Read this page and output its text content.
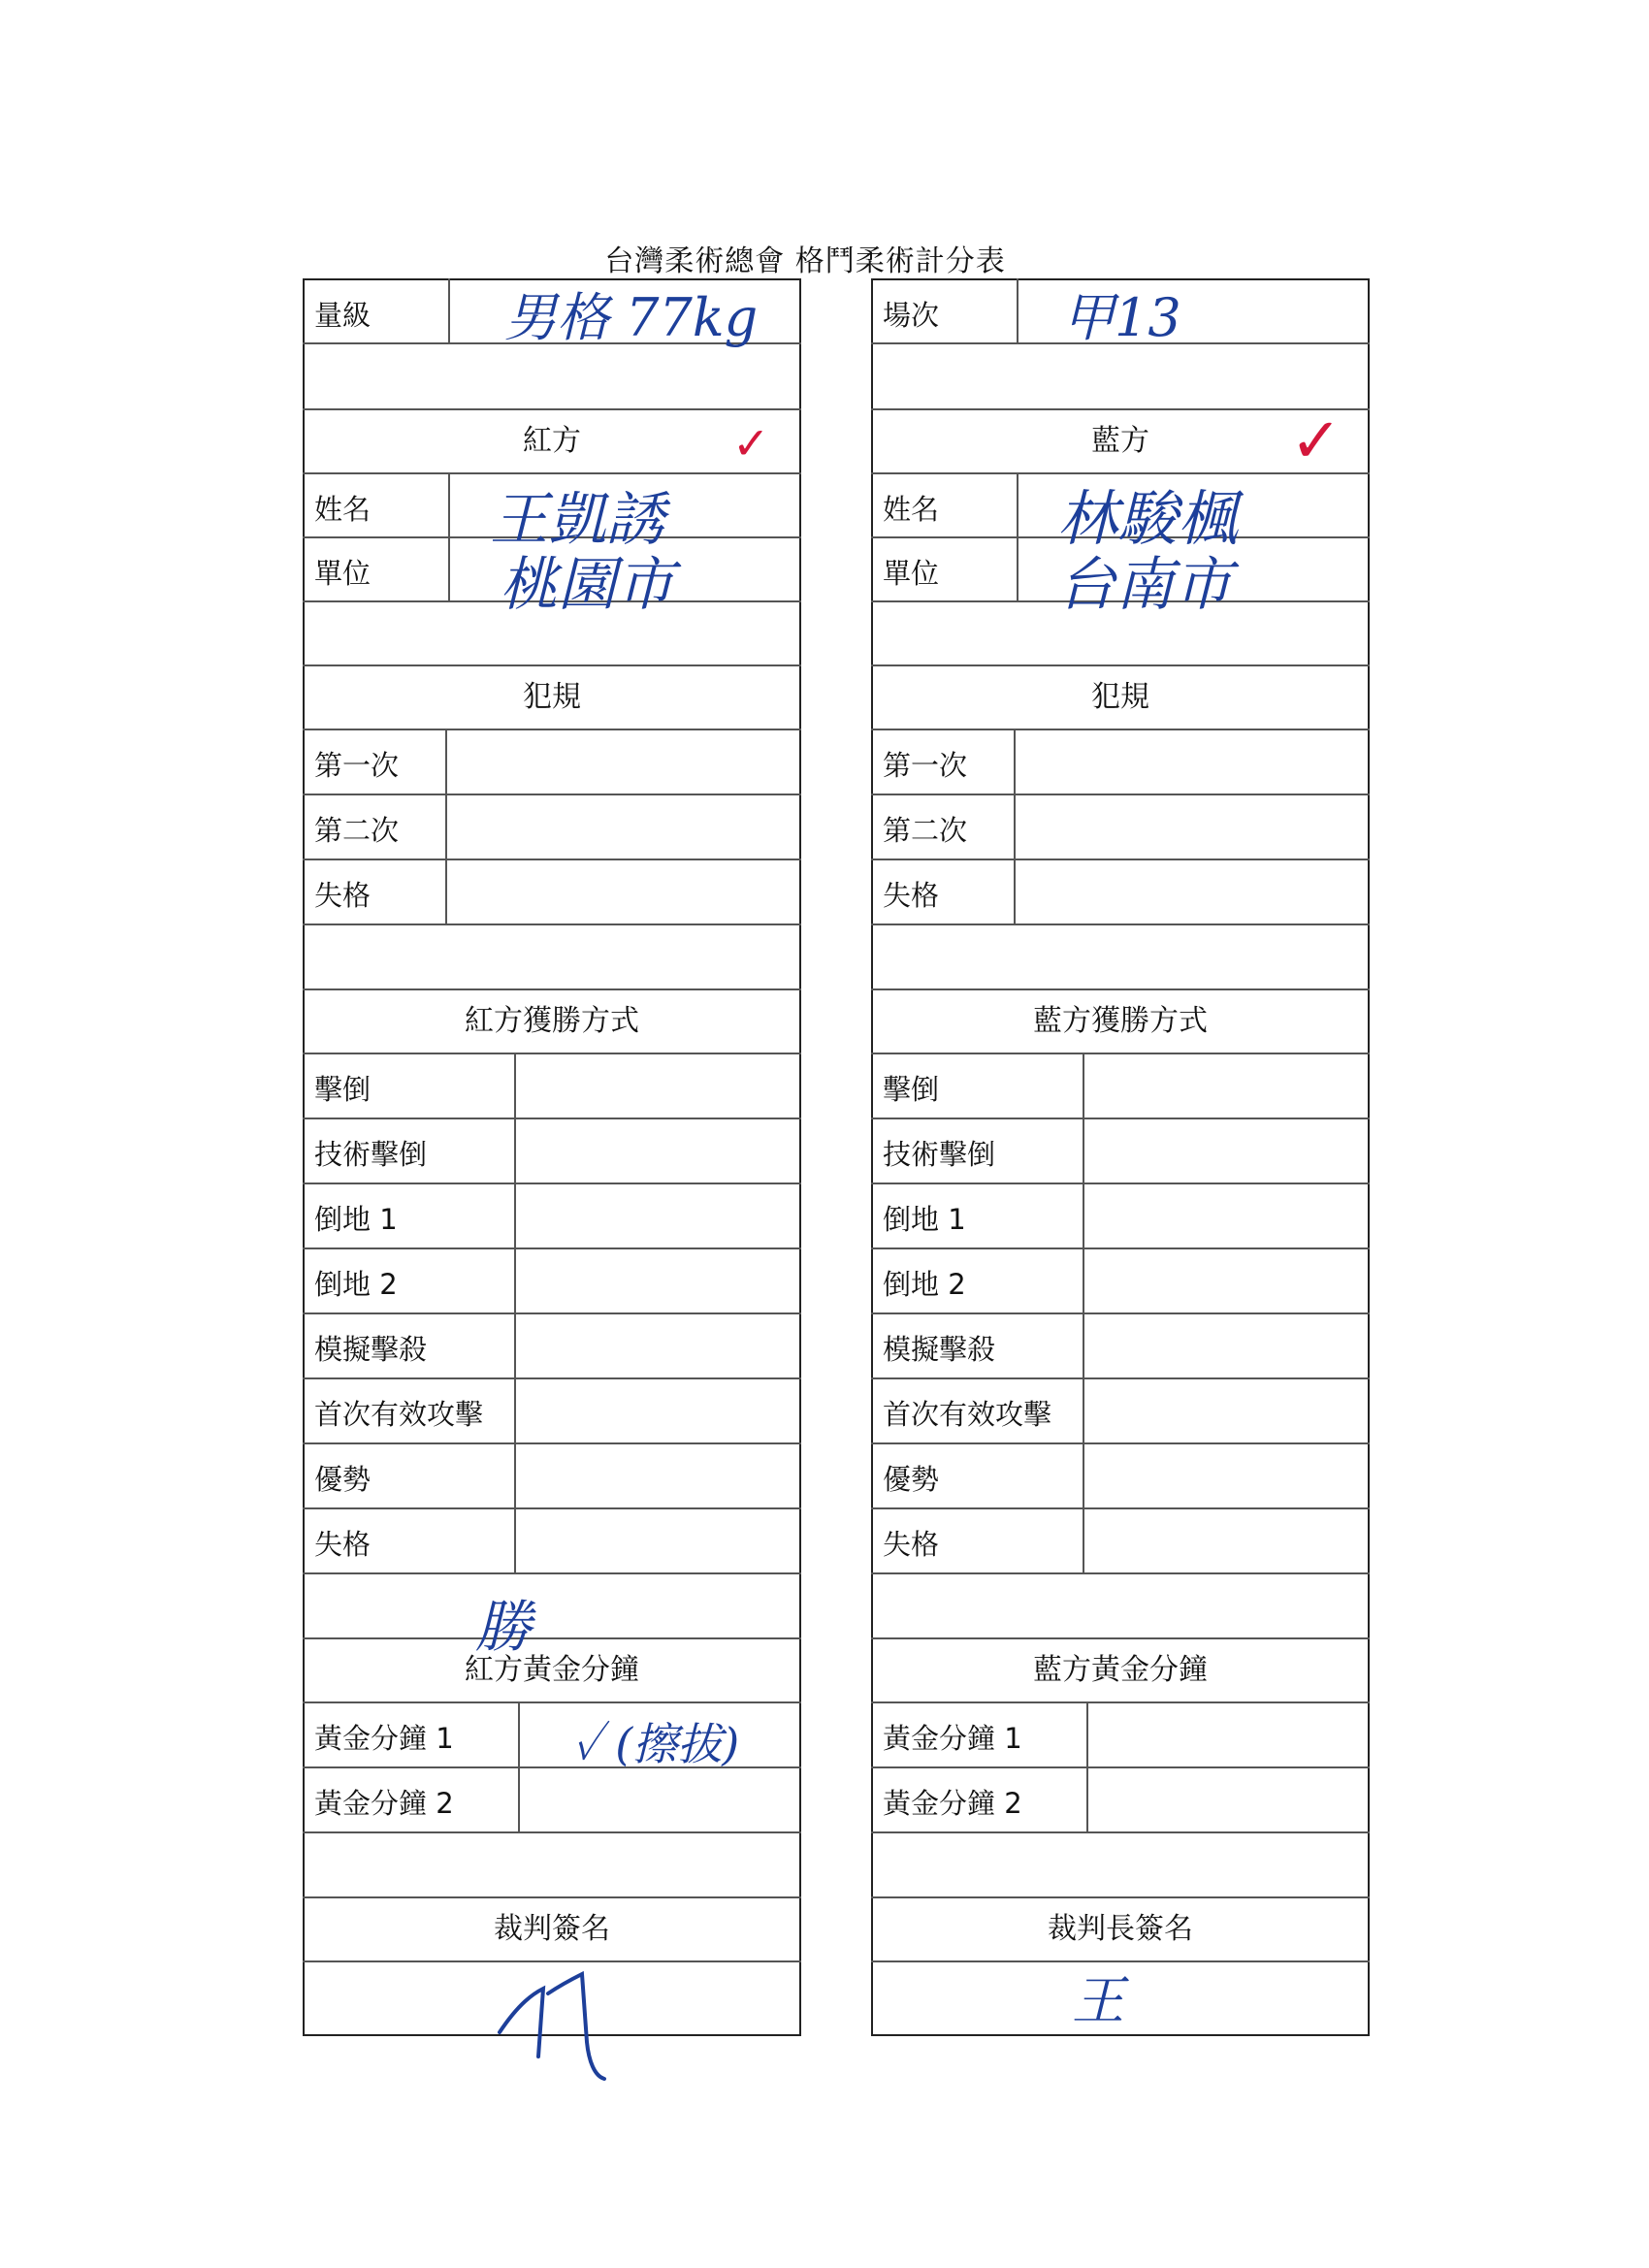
台灣柔術總會 格鬥柔術計分表
量級
紅方
姓名
單位
犯規
第一次
第二次
失格
紅方獲勝方式
擊倒
技術擊倒
倒地 1
倒地 2
模擬擊殺
首次有效攻擊
優勢
失格
紅方黃金分鐘
黃金分鐘 1
黃金分鐘 2
裁判簽名
場次
藍方
姓名
單位
犯規
第一次
第二次
失格
藍方獲勝方式
擊倒
技術擊倒
倒地 1
倒地 2
模擬擊殺
首次有效攻擊
優勢
失格
藍方黃金分鐘
黃金分鐘 1
黃金分鐘 2
裁判長簽名
男格 77kg	甲13
✓	✓
王凱誘
桃園市
林駿楓
台南市
勝
✓ (擦拔)
王
